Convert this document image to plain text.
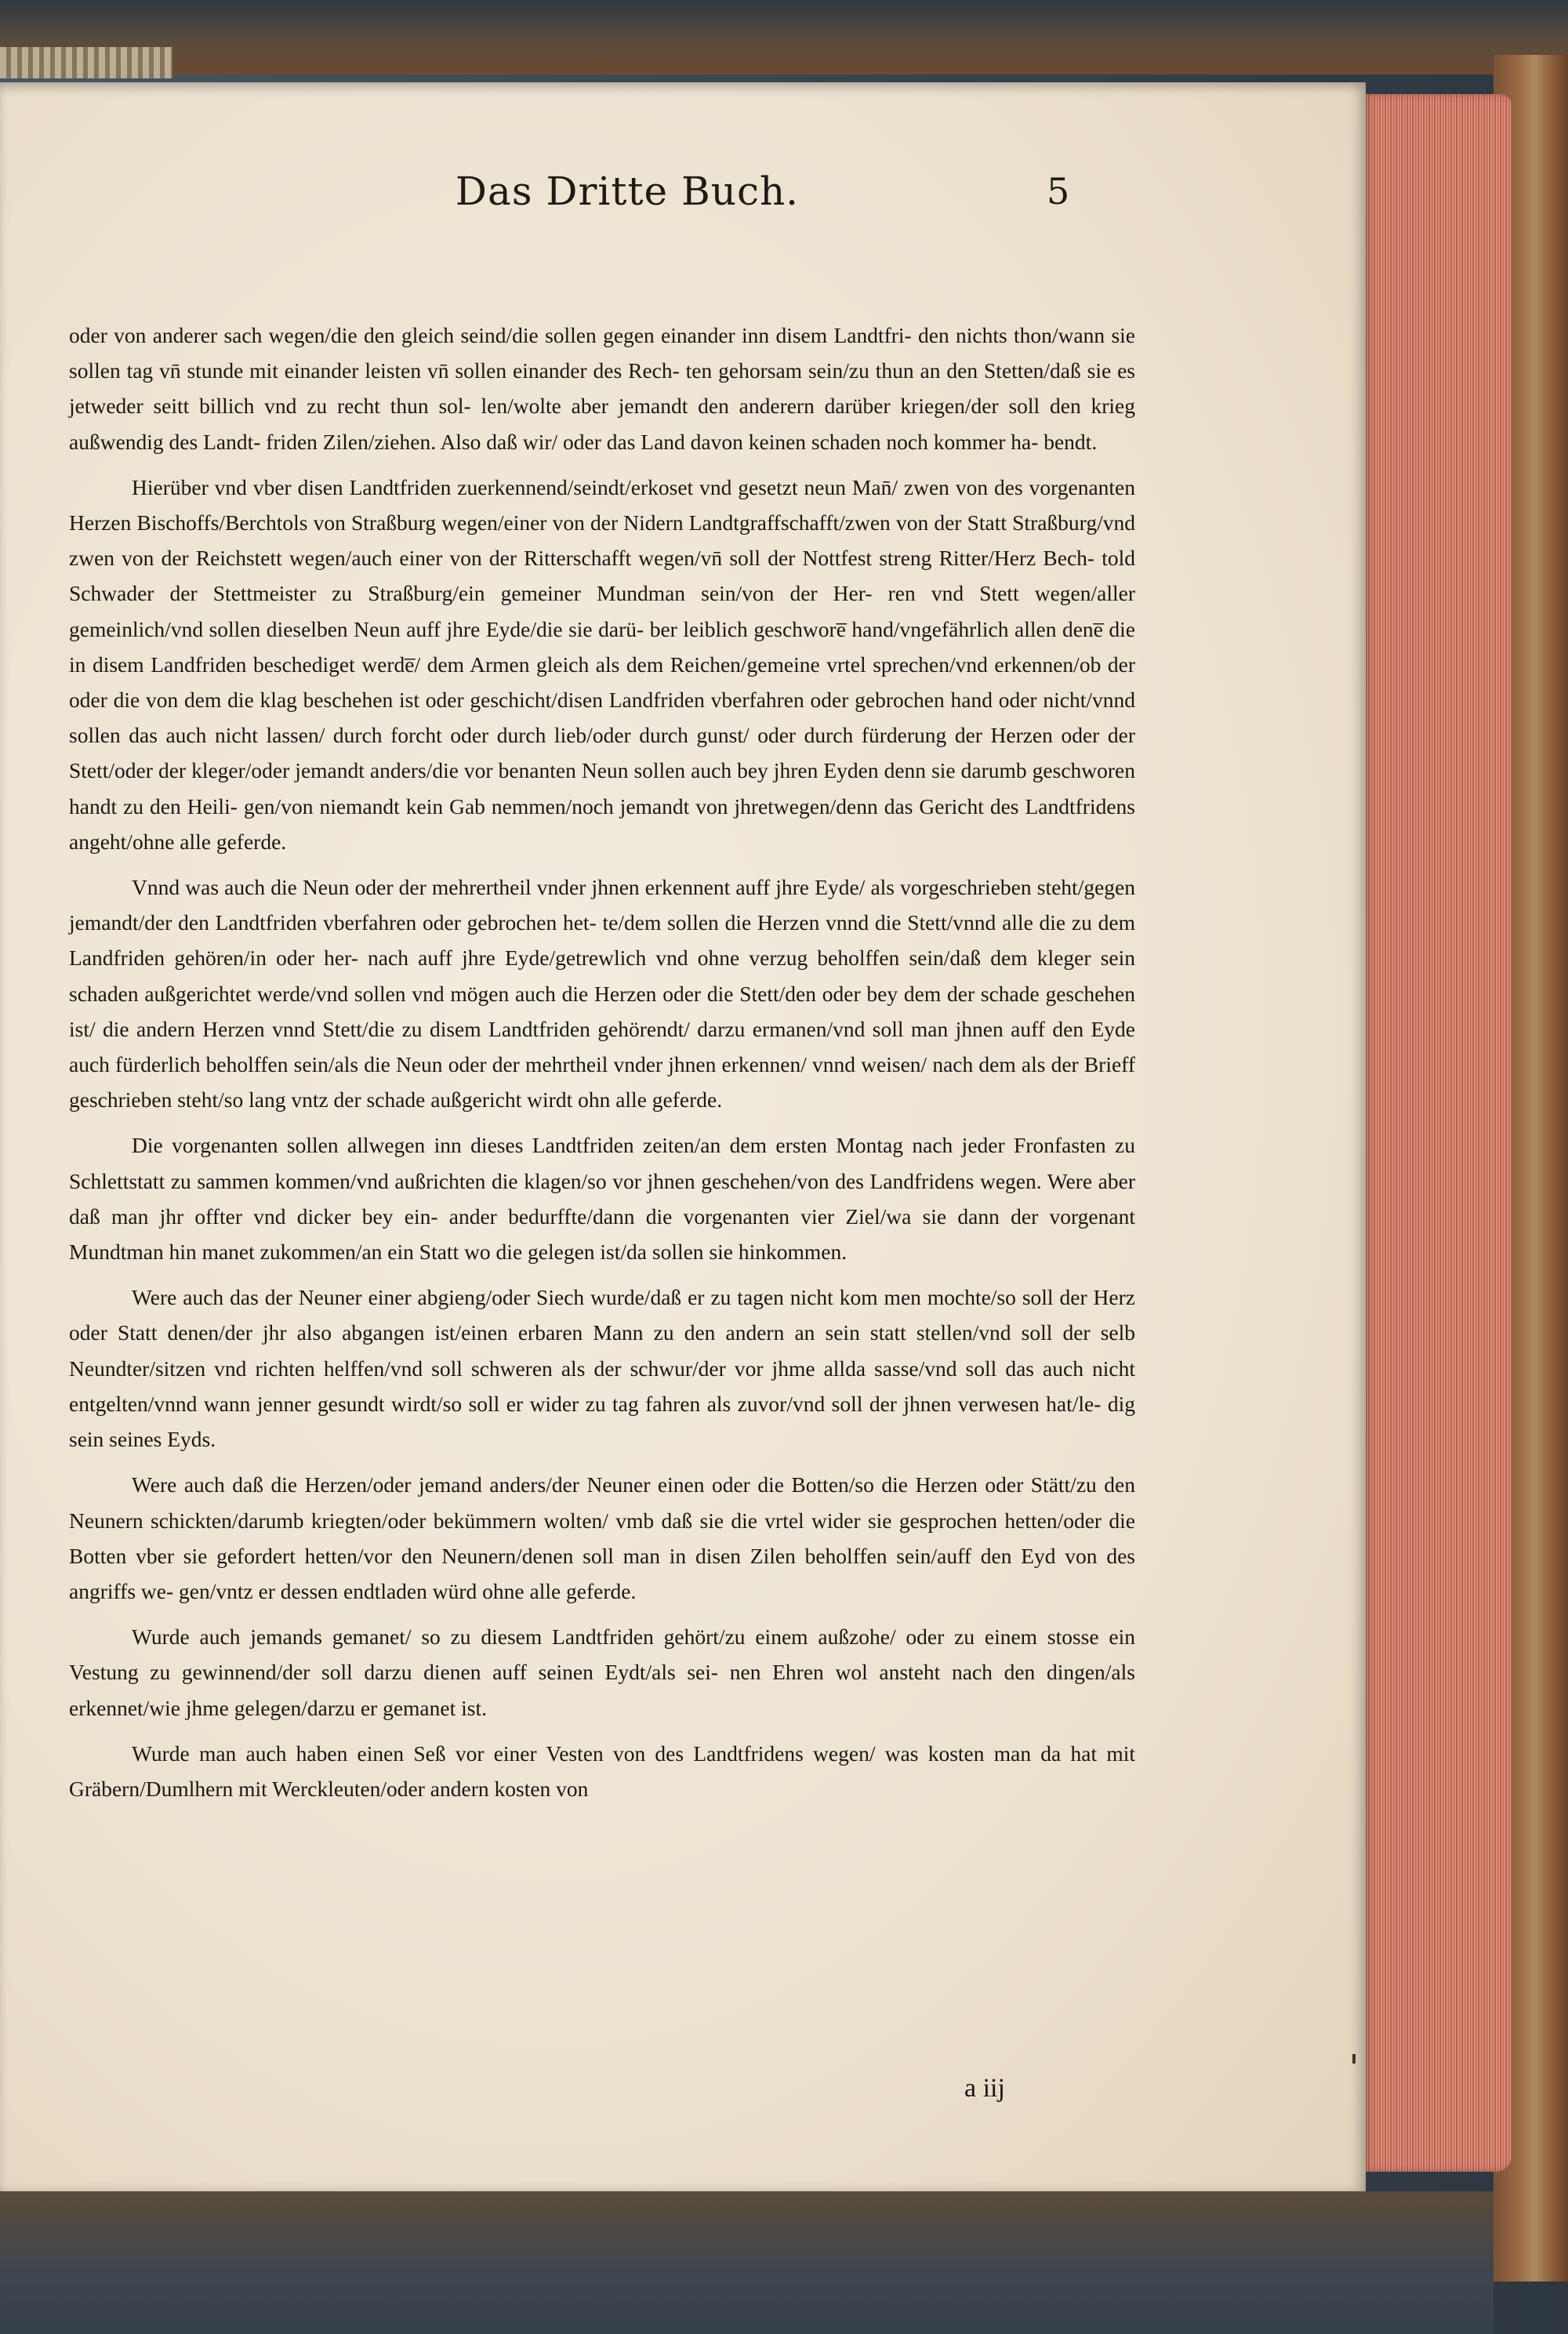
Das Dritte Buch.	5

oder von anderer sach wegen/die den gleich seind/die sollen gegen einander inn disem Landtfri- den nichts thon/wann sie sollen tag vn̄ stunde mit einander leisten vn̄ sollen einander des Rech- ten gehorsam sein/zu thun an den Stetten/daß sie es jetweder seitt billich vnd zu recht thun sol- len/wolte aber jemandt den anderern darüber kriegen/der soll den krieg außwendig des Landt- friden Zilen/ziehen. Also daß wir/ oder das Land davon keinen schaden noch kommer ha- bendt.

Hierüber vnd vber disen Landtfriden zuerkennend/seindt/erkoset vnd gesetzt neun Man̄/ zwen von des vorgenanten Herzen Bischoffs/Berchtols von Straßburg wegen/einer von der Nidern Landtgraffschafft/zwen von der Statt Straßburg/vnd zwen von der Reichstett wegen/auch einer von der Ritterschafft wegen/vn̄ soll der Nottfest streng Ritter/Herz Bech- told Schwader der Stettmeister zu Straßburg/ein gemeiner Mundman sein/von der Her- ren vnd Stett wegen/aller gemeinlich/vnd sollen dieselben Neun auff jhre Eyde/die sie darü- ber leiblich geschwore̅ hand/vngefährlich allen dene̅ die in disem Landfriden beschediget werde̅/ dem Armen gleich als dem Reichen/gemeine vrtel sprechen/vnd erkennen/ob der oder die von dem die klag beschehen ist oder geschicht/disen Landfriden vberfahren oder gebrochen hand oder nicht/vnnd sollen das auch nicht lassen/ durch forcht oder durch lieb/oder durch gunst/ oder durch fürderung der Herzen oder der Stett/oder der kleger/oder jemandt anders/die vor benanten Neun sollen auch bey jhren Eyden denn sie darumb geschworen handt zu den Heili- gen/von niemandt kein Gab nemmen/noch jemandt von jhretwegen/denn das Gericht des Landtfridens angeht/ohne alle geferde.

Vnnd was auch die Neun oder der mehrertheil vnder jhnen erkennent auff jhre Eyde/ als vorgeschrieben steht/gegen jemandt/der den Landtfriden vberfahren oder gebrochen het- te/dem sollen die Herzen vnnd die Stett/vnnd alle die zu dem Landfriden gehören/in oder her- nach auff jhre Eyde/getrewlich vnd ohne verzug beholffen sein/daß dem kleger sein schaden außgerichtet werde/vnd sollen vnd mögen auch die Herzen oder die Stett/den oder bey dem der schade geschehen ist/ die andern Herzen vnnd Stett/die zu disem Landtfriden gehörendt/ darzu ermanen/vnd soll man jhnen auff den Eyde auch fürderlich beholffen sein/als die Neun oder der mehrtheil vnder jhnen erkennen/ vnnd weisen/ nach dem als der Brieff geschrieben steht/so lang vntz der schade außgericht wirdt ohn alle geferde.

Die vorgenanten sollen allwegen inn dieses Landtfriden zeiten/an dem ersten Montag nach jeder Fronfasten zu Schlettstatt zu sammen kommen/vnd außrichten die klagen/so vor jhnen geschehen/von des Landfridens wegen. Were aber daß man jhr offter vnd dicker bey ein- ander bedurffte/dann die vorgenanten vier Ziel/wa sie dann der vorgenant Mundtman hin manet zukommen/an ein Statt wo die gelegen ist/da sollen sie hinkommen.

Were auch das der Neuner einer abgieng/oder Siech wurde/daß er zu tagen nicht kom men mochte/so soll der Herz oder Statt denen/der jhr also abgangen ist/einen erbaren Mann zu den andern an sein statt stellen/vnd soll der selb Neundter/sitzen vnd richten helffen/vnd soll schweren als der schwur/der vor jhme allda sasse/vnd soll das auch nicht entgelten/vnnd wann jenner gesundt wirdt/so soll er wider zu tag fahren als zuvor/vnd soll der jhnen verwesen hat/le- dig sein seines Eyds.

Were auch daß die Herzen/oder jemand anders/der Neuner einen oder die Botten/so die Herzen oder Stätt/zu den Neunern schickten/darumb kriegten/oder bekümmern wolten/ vmb daß sie die vrtel wider sie gesprochen hetten/oder die Botten vber sie gefordert hetten/vor den Neunern/denen soll man in disen Zilen beholffen sein/auff den Eyd von des angriffs we- gen/vntz er dessen endtladen würd ohne alle geferde.

Wurde auch jemands gemanet/ so zu diesem Landtfriden gehört/zu einem außzohe/ oder zu einem stosse ein Vestung zu gewinnend/der soll darzu dienen auff seinen Eydt/als sei- nen Ehren wol ansteht nach den dingen/als erkennet/wie jhme gelegen/darzu er gemanet ist.

Wurde man auch haben einen Seß vor einer Vesten von des Landtfridens wegen/ was kosten man da hat mit Gräbern/Dumlhern mit Werckleuten/oder andern kosten von

a iij
